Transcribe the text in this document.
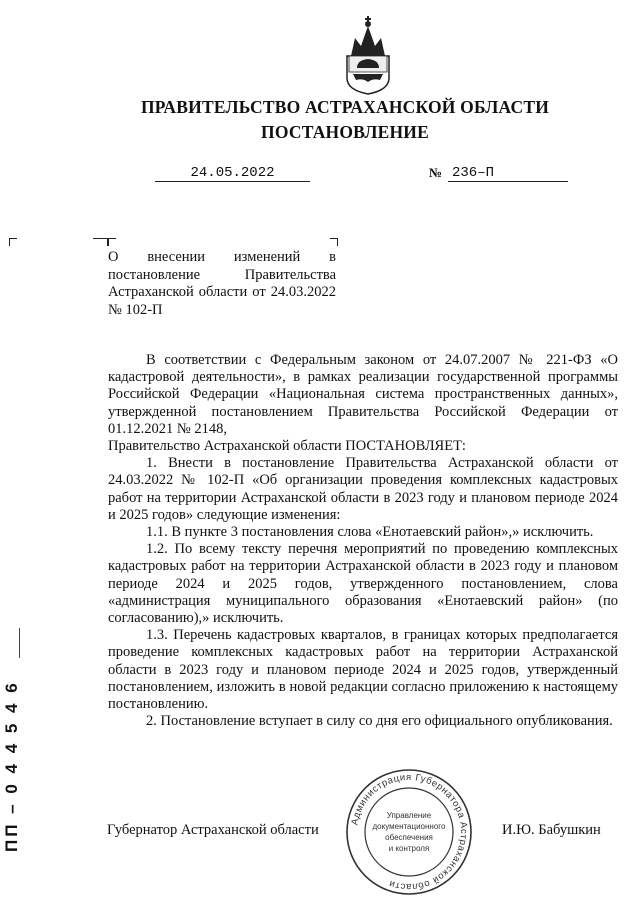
ПРАВИТЕЛЬСТВО АСТРАХАНСКОЙ ОБЛАСТИ
ПОСТАНОВЛЕНИЕ
24.05.2022	№ 236–П
О внесении изменений в постановление Правительства Астраханской области от 24.03.2022 № 102-П

В соответствии с Федеральным законом от 24.07.2007 № 221-ФЗ «О кадастровой деятельности», в рамках реализации государственной программы Российской Федерации «Национальная система пространственных данных», утвержденной постановлением Правительства Российской Федерации от 01.12.2021 № 2148,

Правительство Астраханской области ПОСТАНОВЛЯЕТ:

1. Внести в постановление Правительства Астраханской области от 24.03.2022 № 102-П «Об организации проведения комплексных кадастровых работ на территории Астраханской области в 2023 году и плановом периоде 2024 и 2025 годов» следующие изменения:

1.1. В пункте 3 постановления слова «Енотаевский район»,» исключить.

1.2. По всему тексту перечня мероприятий по проведению комплексных кадастровых работ на территории Астраханской области в 2023 году и плановом периоде 2024 и 2025 годов, утвержденного постановлением, слова «администрация муниципального образования «Енотаевский район» (по согласованию),» исключить.

1.3. Перечень кадастровых кварталов, в границах которых предполагается проведение комплексных кадастровых работ на территории Астраханской области в 2023 году и плановом периоде 2024 и 2025 годов, утвержденный постановлением, изложить в новой редакции согласно приложению к настоящему постановлению.

2. Постановление вступает в силу со дня его официального опубликования.

ПП – 0 4 4 5 4 6	Губернатор Астраханской области	И.Ю. Бабушкин
Администрация Губернатора Астраханской области
Управление
документационного
обеспечения
и контроля
